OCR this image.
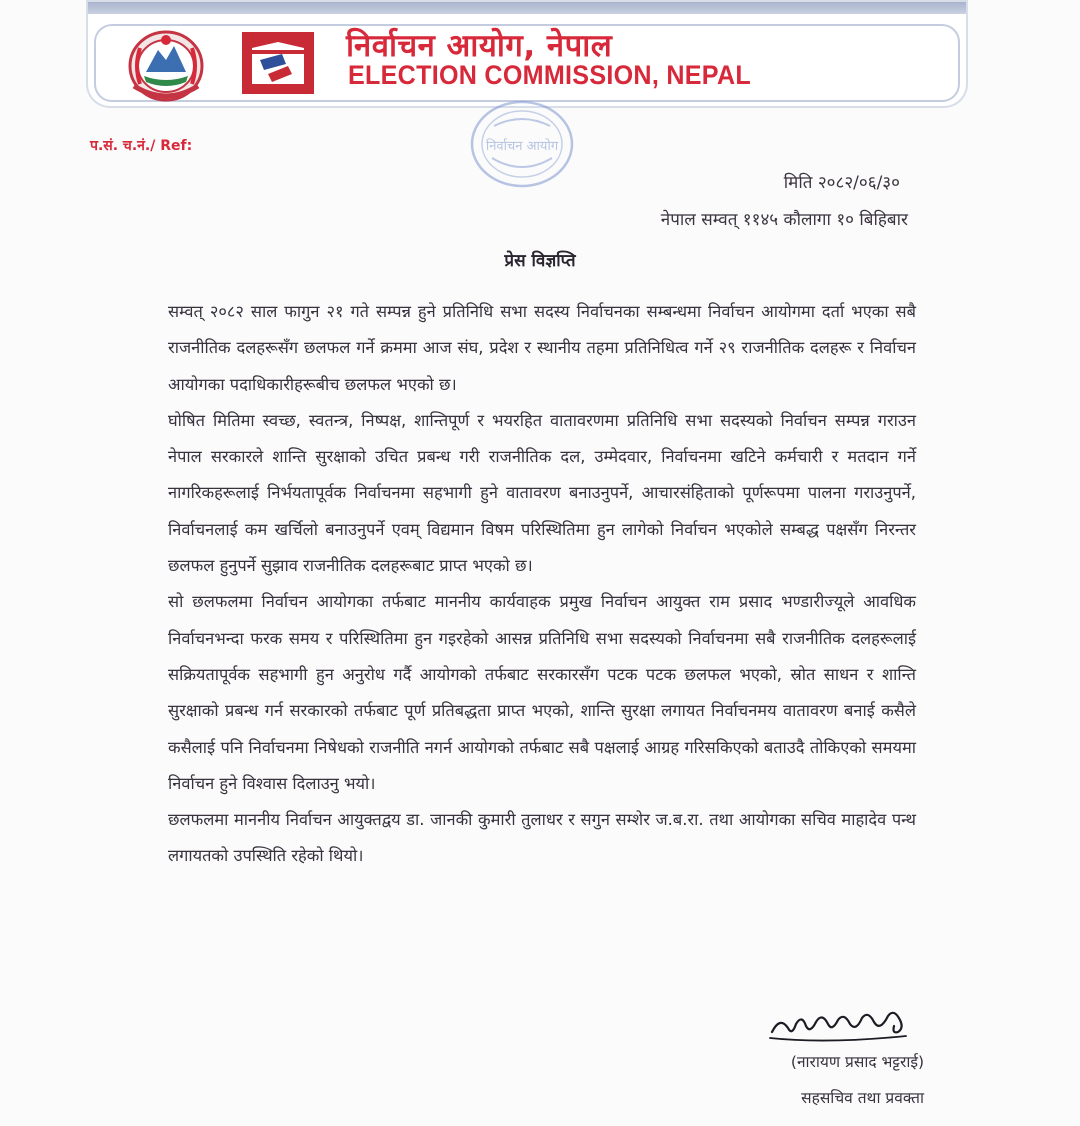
निर्वाचन आयोग, नेपाल
ELECTION COMMISSION, NEPAL
प.सं. च.नं./ Ref:	निर्वाचन आयोग
मिति २०८२/०६/३०
नेपाल सम्वत् ११४५ कौलागा १० बिहिबार
प्रेस विज्ञप्ति

सम्वत् २०८२ साल फागुन २१ गते सम्पन्न हुने प्रतिनिधि सभा सदस्य निर्वाचनका सम्बन्धमा निर्वाचन आयोगमा दर्ता भएका सबै राजनीतिक दलहरूसँग छलफल गर्ने क्रममा आज संघ, प्रदेश र स्थानीय तहमा प्रतिनिधित्व गर्ने २९ राजनीतिक दलहरू र निर्वाचन आयोगका पदाधिकारीहरूबीच छलफल भएको छ।

घोषित मितिमा स्वच्छ, स्वतन्त्र, निष्पक्ष, शान्तिपूर्ण र भयरहित वातावरणमा प्रतिनिधि सभा सदस्यको निर्वाचन सम्पन्न गराउन नेपाल सरकारले शान्ति सुरक्षाको उचित प्रबन्ध गरी राजनीतिक दल, उम्मेदवार, निर्वाचनमा खटिने कर्मचारी र मतदान गर्ने नागरिकहरूलाई निर्भयतापूर्वक निर्वाचनमा सहभागी हुने वातावरण बनाउनुपर्ने, आचारसंहिताको पूर्णरूपमा पालना गराउनुपर्ने, निर्वाचनलाई कम खर्चिलो बनाउनुपर्ने एवम् विद्यमान विषम परिस्थितिमा हुन लागेको निर्वाचन भएकोले सम्बद्ध पक्षसँग निरन्तर छलफल हुनुपर्ने सुझाव राजनीतिक दलहरूबाट प्राप्त भएको छ।

सो छलफलमा निर्वाचन आयोगका तर्फबाट माननीय कार्यवाहक प्रमुख निर्वाचन आयुक्त राम प्रसाद भण्डारीज्यूले आवधिक निर्वाचनभन्दा फरक समय र परिस्थितिमा हुन गइरहेको आसन्न प्रतिनिधि सभा सदस्यको निर्वाचनमा सबै राजनीतिक दलहरूलाई सक्रियतापूर्वक सहभागी हुन अनुरोध गर्दै आयोगको तर्फबाट सरकारसँग पटक पटक छलफल भएको, स्रोत साधन र शान्ति सुरक्षाको प्रबन्ध गर्न सरकारको तर्फबाट पूर्ण प्रतिबद्धता प्राप्त भएको, शान्ति सुरक्षा लगायत निर्वाचनमय वातावरण बनाई कसैले कसैलाई पनि निर्वाचनमा निषेधको राजनीति नगर्न आयोगको तर्फबाट सबै पक्षलाई आग्रह गरिसकिएको बताउदै तोकिएको समयमा निर्वाचन हुने विश्वास दिलाउनु भयो।

छलफलमा माननीय निर्वाचन आयुक्तद्वय डा. जानकी कुमारी तुलाधर र सगुन सम्शेर ज.ब.रा. तथा आयोगका सचिव माहादेव पन्थ लगायतको उपस्थिति रहेको थियो।

(नारायण प्रसाद भट्टराई)
सहसचिव तथा प्रवक्ता
